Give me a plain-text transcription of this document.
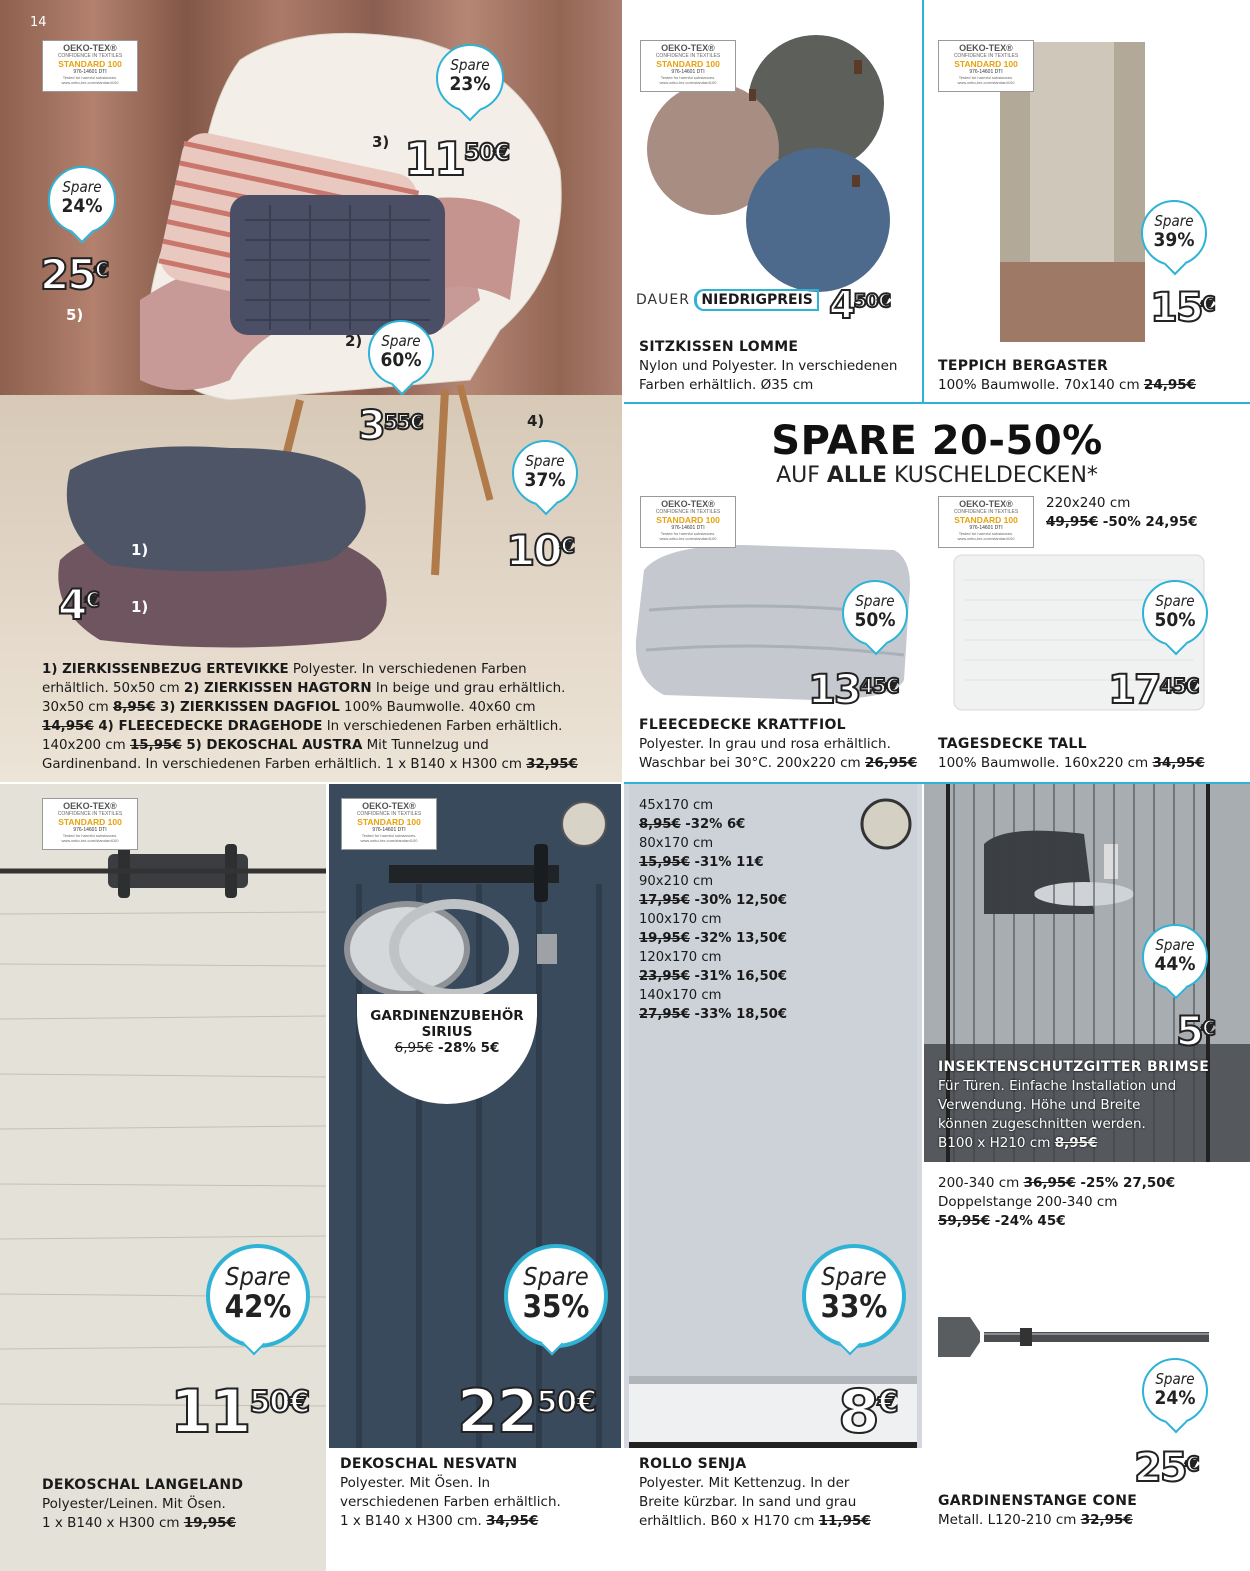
14
OEKO-TEX®
CONFIDENCE IN TEXTILES
STANDARD 100
976-14601 DTI
Tested for harmful substances.
www.oeko-tex.com/standard100
Spare
23%
3) $11^{50€}$
Spare
24%
25€
5)
2)	Spare
60%
$3^{55€}$	4)
Spare
37%
10€
1)
4€ 1)
1) ZIERKISSENBEZUG ERTEVIKKE Polyester. In verschiedenen Farben erhältlich. 50x50 cm 2) ZIERKISSEN HAGTORN In beige und grau erhältlich. 30x50 cm 8,95€ 3) ZIERKISSEN DAGFIOL 100% Baumwolle. 40x60 cm 14,95€ 4) FLEECEDECKE DRAGEHODE In verschiedenen Farben erhältlich. 140x200 cm 15,95€ 5) DEKOSCHAL AUSTRA Mit Tunnelzug und Gardinenband. In verschiedenen Farben erhältlich. 1 x B140 x H300 cm 32,95€
OEKO-TEX®
CONFIDENCE IN TEXTILES
STANDARD 100
976-14601 DTI
Tested for harmful substances.
www.oeko-tex.com/standard100
DAUER NIEDRIGPREIS $4^{50€}$
SITZKISSEN LOMME
Nylon und Polyester. In verschiedenen Farben erhältlich. Ø35 cm
OEKO-TEX®
CONFIDENCE IN TEXTILES
STANDARD 100
976-14601 DTI
Tested for harmful substances.
www.oeko-tex.com/standard100
Spare
39%
15€
TEPPICH BERGASTER
100% Baumwolle. 70x140 cm 24,95€
SPARE 20-50%
AUF ALLE KUSCHELDECKEN*
OEKO-TEX®
CONFIDENCE IN TEXTILES
STANDARD 100
976-14601 DTI
Tested for harmful substances.
www.oeko-tex.com/standard100
Spare
50%
$13^{45€}$
FLEECEDECKE KRATTFIOL
Polyester. In grau und rosa erhältlich.
Waschbar bei 30°C. 200x220 cm 26,95€
OEKO-TEX®
CONFIDENCE IN TEXTILES
STANDARD 100
976-14601 DTI
Tested for harmful substances.
www.oeko-tex.com/standard100
220x240 cm
49,95€ -50% 24,95€
Spare
50%
$17^{45€}$
TAGESDECKE TALL
100% Baumwolle. 160x220 cm 34,95€
OEKO-TEX®
CONFIDENCE IN TEXTILES
STANDARD 100
976-14601 DTI
Tested for harmful substances.
www.oeko-tex.com/standard100
Spare
42%
$11^{50€}$
DEKOSCHAL LANGELAND
Polyester/Leinen. Mit Ösen.
1 x B140 x H300 cm 19,95€
OEKO-TEX®
CONFIDENCE IN TEXTILES
STANDARD 100
976-14601 DTI
Tested for harmful substances.
www.oeko-tex.com/standard100
GARDINENZUBEHÖR
SIRIUS
6,95€ -28% 5€
Spare
35%
$22^{50€}$
DEKOSCHAL NESVATN
Polyester. Mit Ösen. In
verschiedenen Farben erhältlich.
1 x B140 x H300 cm. 34,95€
45x170 cm
8,95€ -32% 6€
80x170 cm
15,95€ -31% 11€
90x210 cm
17,95€ -30% 12,50€
100x170 cm
19,95€ -32% 13,50€
120x170 cm
23,95€ -31% 16,50€
140x170 cm
27,95€ -33% 18,50€
Spare
33%
8€
ROLLO SENJA
Polyester. Mit Kettenzug. In der
Breite kürzbar. In sand und grau
erhältlich. B60 x H170 cm 11,95€
Spare
44%
5€
INSEKTENSCHUTZGITTER BRIMSE
Für Türen. Einfache Installation und
Verwendung. Höhe und Breite
können zugeschnitten werden.
B100 x H210 cm 8,95€
200-340 cm 36,95€ -25% 27,50€
Doppelstange 200-340 cm
59,95€ -24% 45€
Spare
24%
25€
GARDINENSTANGE CONE
Metall. L120-210 cm 32,95€
